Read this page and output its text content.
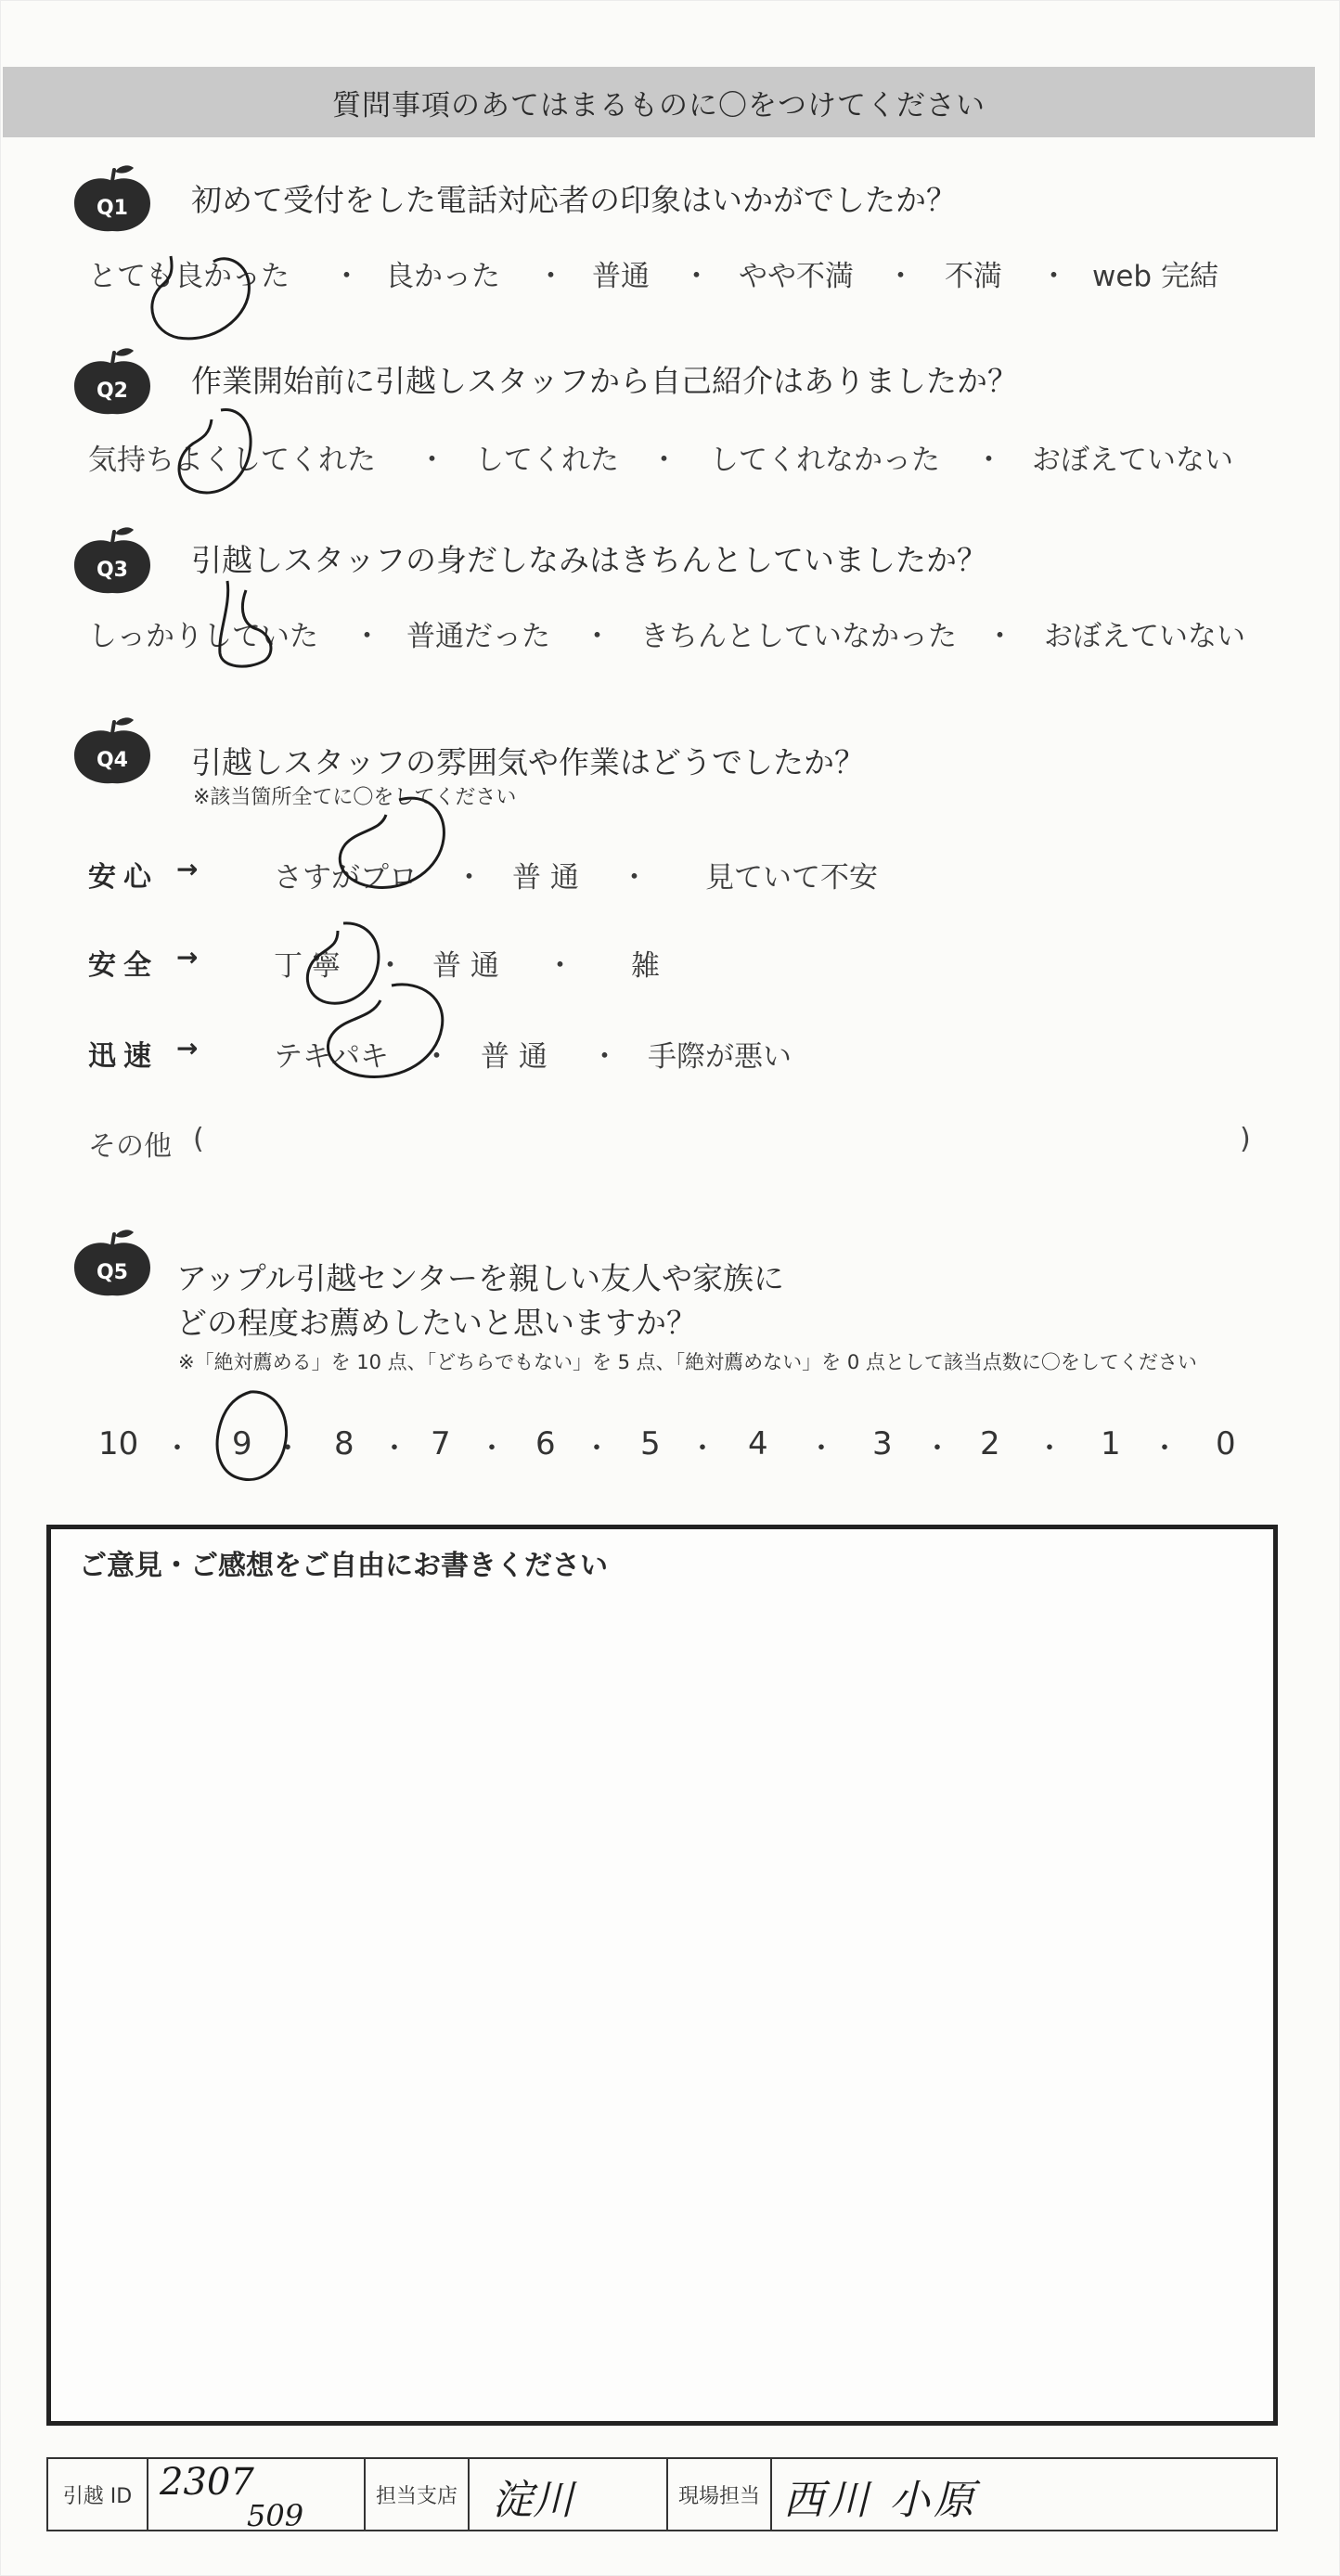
質問事項のあてはまるものに〇をつけてください
Q1 初めて受付をした電話対応者の印象はいかがでしたか？
とても良かった ・ 良かった ・ 普通 ・ やや不満 ・ 不満 ・ web 完結
Q2 作業開始前に引越しスタッフから自己紹介はありましたか？
気持ちよくしてくれた ・ してくれた ・ してくれなかった ・ おぼえていない
Q3 引越しスタッフの身だしなみはきちんとしていましたか？
しっかりしていた ・ 普通だった ・ きちんとしていなかった ・ おぼえていない
Q4 引越しスタッフの雰囲気や作業はどうでしたか？
※該当箇所全てに〇をしてください
安心 →	さすがプロ ・ 普 通 ・ 見ていて不安
安全 →	丁 寧 ・ 普 通 ・ 雑
迅速 →	テキパキ ・ 普 通 ・ 手際が悪い
その他 (	)
Q5 アップル引越センターを親しい友人や家族に
どの程度お薦めしたいと思いますか？
※「絶対薦める」を 10 点、「どちらでもない」を 5 点、「絶対薦めない」を 0 点として該当点数に〇をしてください
10 ・ 9 ・ 8 ・ 7 ・ 6 ・ 5 ・ 4 ・ 3 ・ 2 ・ 1 ・ 0
ご意見・ご感想をご自由にお書きください
引越 ID 2307
509
担当支店 淀川	現場担当 西川 小原
